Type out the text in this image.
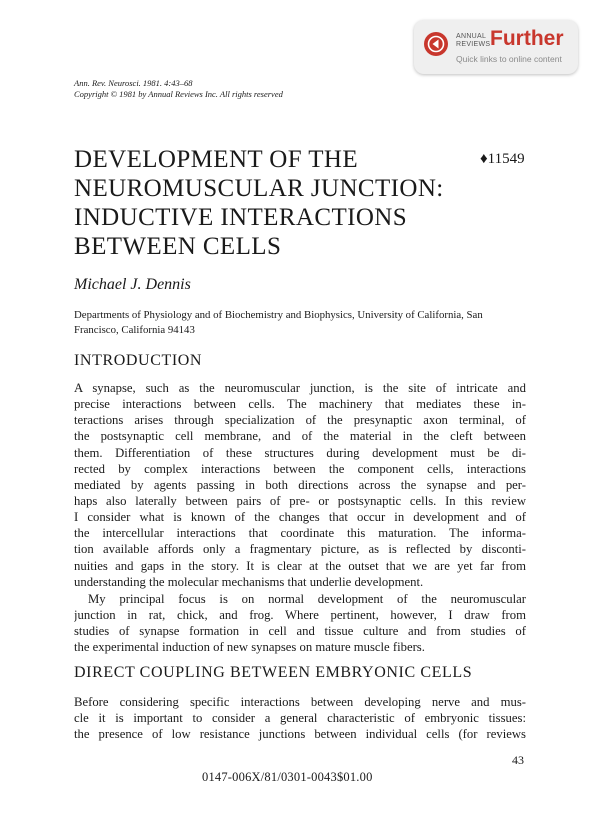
ANNUAL
REVIEWS Further
Quick links to online content
Ann. Rev. Neurosci. 1981. 4:43–68
Copyright © 1981 by Annual Reviews Inc. All rights reserved
DEVELOPMENT OF THE
NEUROMUSCULAR JUNCTION:
INDUCTIVE INTERACTIONS
BETWEEN CELLS
♦11549
Michael J. Dennis
Departments of Physiology and of Biochemistry and Biophysics, University of California, San Francisco, California 94143
INTRODUCTION
A synapse, such as the neuromuscular junction, is the site of intricate and
precise interactions between cells. The machinery that mediates these in-
teractions arises through specialization of the presynaptic axon terminal, of
the postsynaptic cell membrane, and of the material in the cleft between
them. Differentiation of these structures during development must be di-
rected by complex interactions between the component cells, interactions
mediated by agents passing in both directions across the synapse and per-
haps also laterally between pairs of pre- or postsynaptic cells. In this review
I consider what is known of the changes that occur in development and of
the intercellular interactions that coordinate this maturation. The informa-
tion available affords only a fragmentary picture, as is reflected by disconti-
nuities and gaps in the story. It is clear at the outset that we are yet far from
understanding the molecular mechanisms that underlie development.
My principal focus is on normal development of the neuromuscular
junction in rat, chick, and frog. Where pertinent, however, I draw from
studies of synapse formation in cell and tissue culture and from studies of
the experimental induction of new synapses on mature muscle fibers.
DIRECT COUPLING BETWEEN EMBRYONIC CELLS
Before considering specific interactions between developing nerve and mus-
cle it is important to consider a general characteristic of embryonic tissues:
the presence of low resistance junctions between individual cells (for reviews
43
0147-006X/81/0301-0043$01.00
